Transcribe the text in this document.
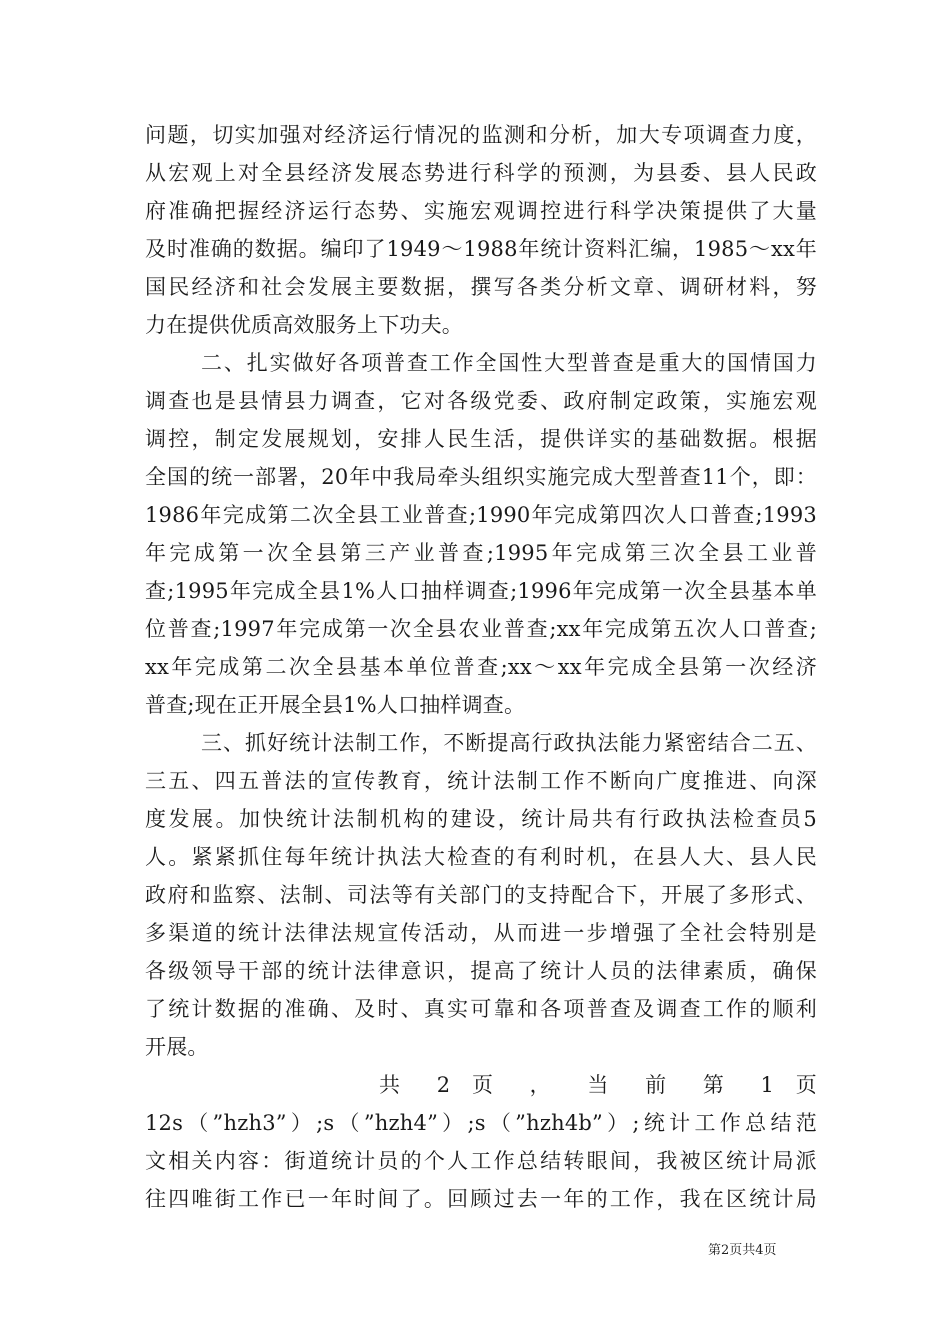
问题，切实加强对经济运行情况的监测和分析，加大专项调查力度，
从宏观上对全县经济发展态势进行科学的预测，为县委、县人民政
府准确把握经济运行态势、实施宏观调控进行科学决策提供了大量
及时准确的数据。编印了1949～1988年统计资料汇编，1985～xx年
国民经济和社会发展主要数据，撰写各类分析文章、调研材料，努
力在提供优质高效服务上下功夫。
二、扎实做好各项普查工作全国性大型普查是重大的国情国力
调查也是县情县力调查，它对各级党委、政府制定政策，实施宏观
调控，制定发展规划，安排人民生活，提供详实的基础数据。根据
全国的统一部署，20年中我局牵头组织实施完成大型普查11个，即：
1986年完成第二次全县工业普查;1990年完成第四次人口普查;1993
年完成第一次全县第三产业普查;1995年完成第三次全县工业普
查;1995年完成全县1%人口抽样调查;1996年完成第一次全县基本单
位普查;1997年完成第一次全县农业普查;xx年完成第五次人口普查;
xx年完成第二次全县基本单位普查;xx～xx年完成全县第一次经济
普查;现在正开展全县1%人口抽样调查。
三、抓好统计法制工作，不断提高行政执法能力紧密结合二五、
三五、四五普法的宣传教育，统计法制工作不断向广度推进、向深
度发展。加快统计法制机构的建设，统计局共有行政执法检查员5
人。紧紧抓住每年统计执法大检查的有利时机，在县人大、县人民
政府和监察、法制、司法等有关部门的支持配合下，开展了多形式、
多渠道的统计法律法规宣传活动，从而进一步增强了全社会特别是
各级领导干部的统计法律意识，提高了统计人员的法律素质，确保
了统计数据的准确、及时、真实可靠和各项普查及调查工作的顺利
开展。
共 2 页 ， 当 前 第 1 页
12s（”hzh3”）;s（”hzh4”）;s（”hzh4b”）;统计工作总结范
文相关内容：街道统计员的个人工作总结转眼间，我被区统计局派
往四唯街工作已一年时间了。回顾过去一年的工作，我在区统计局
第2页共4页
